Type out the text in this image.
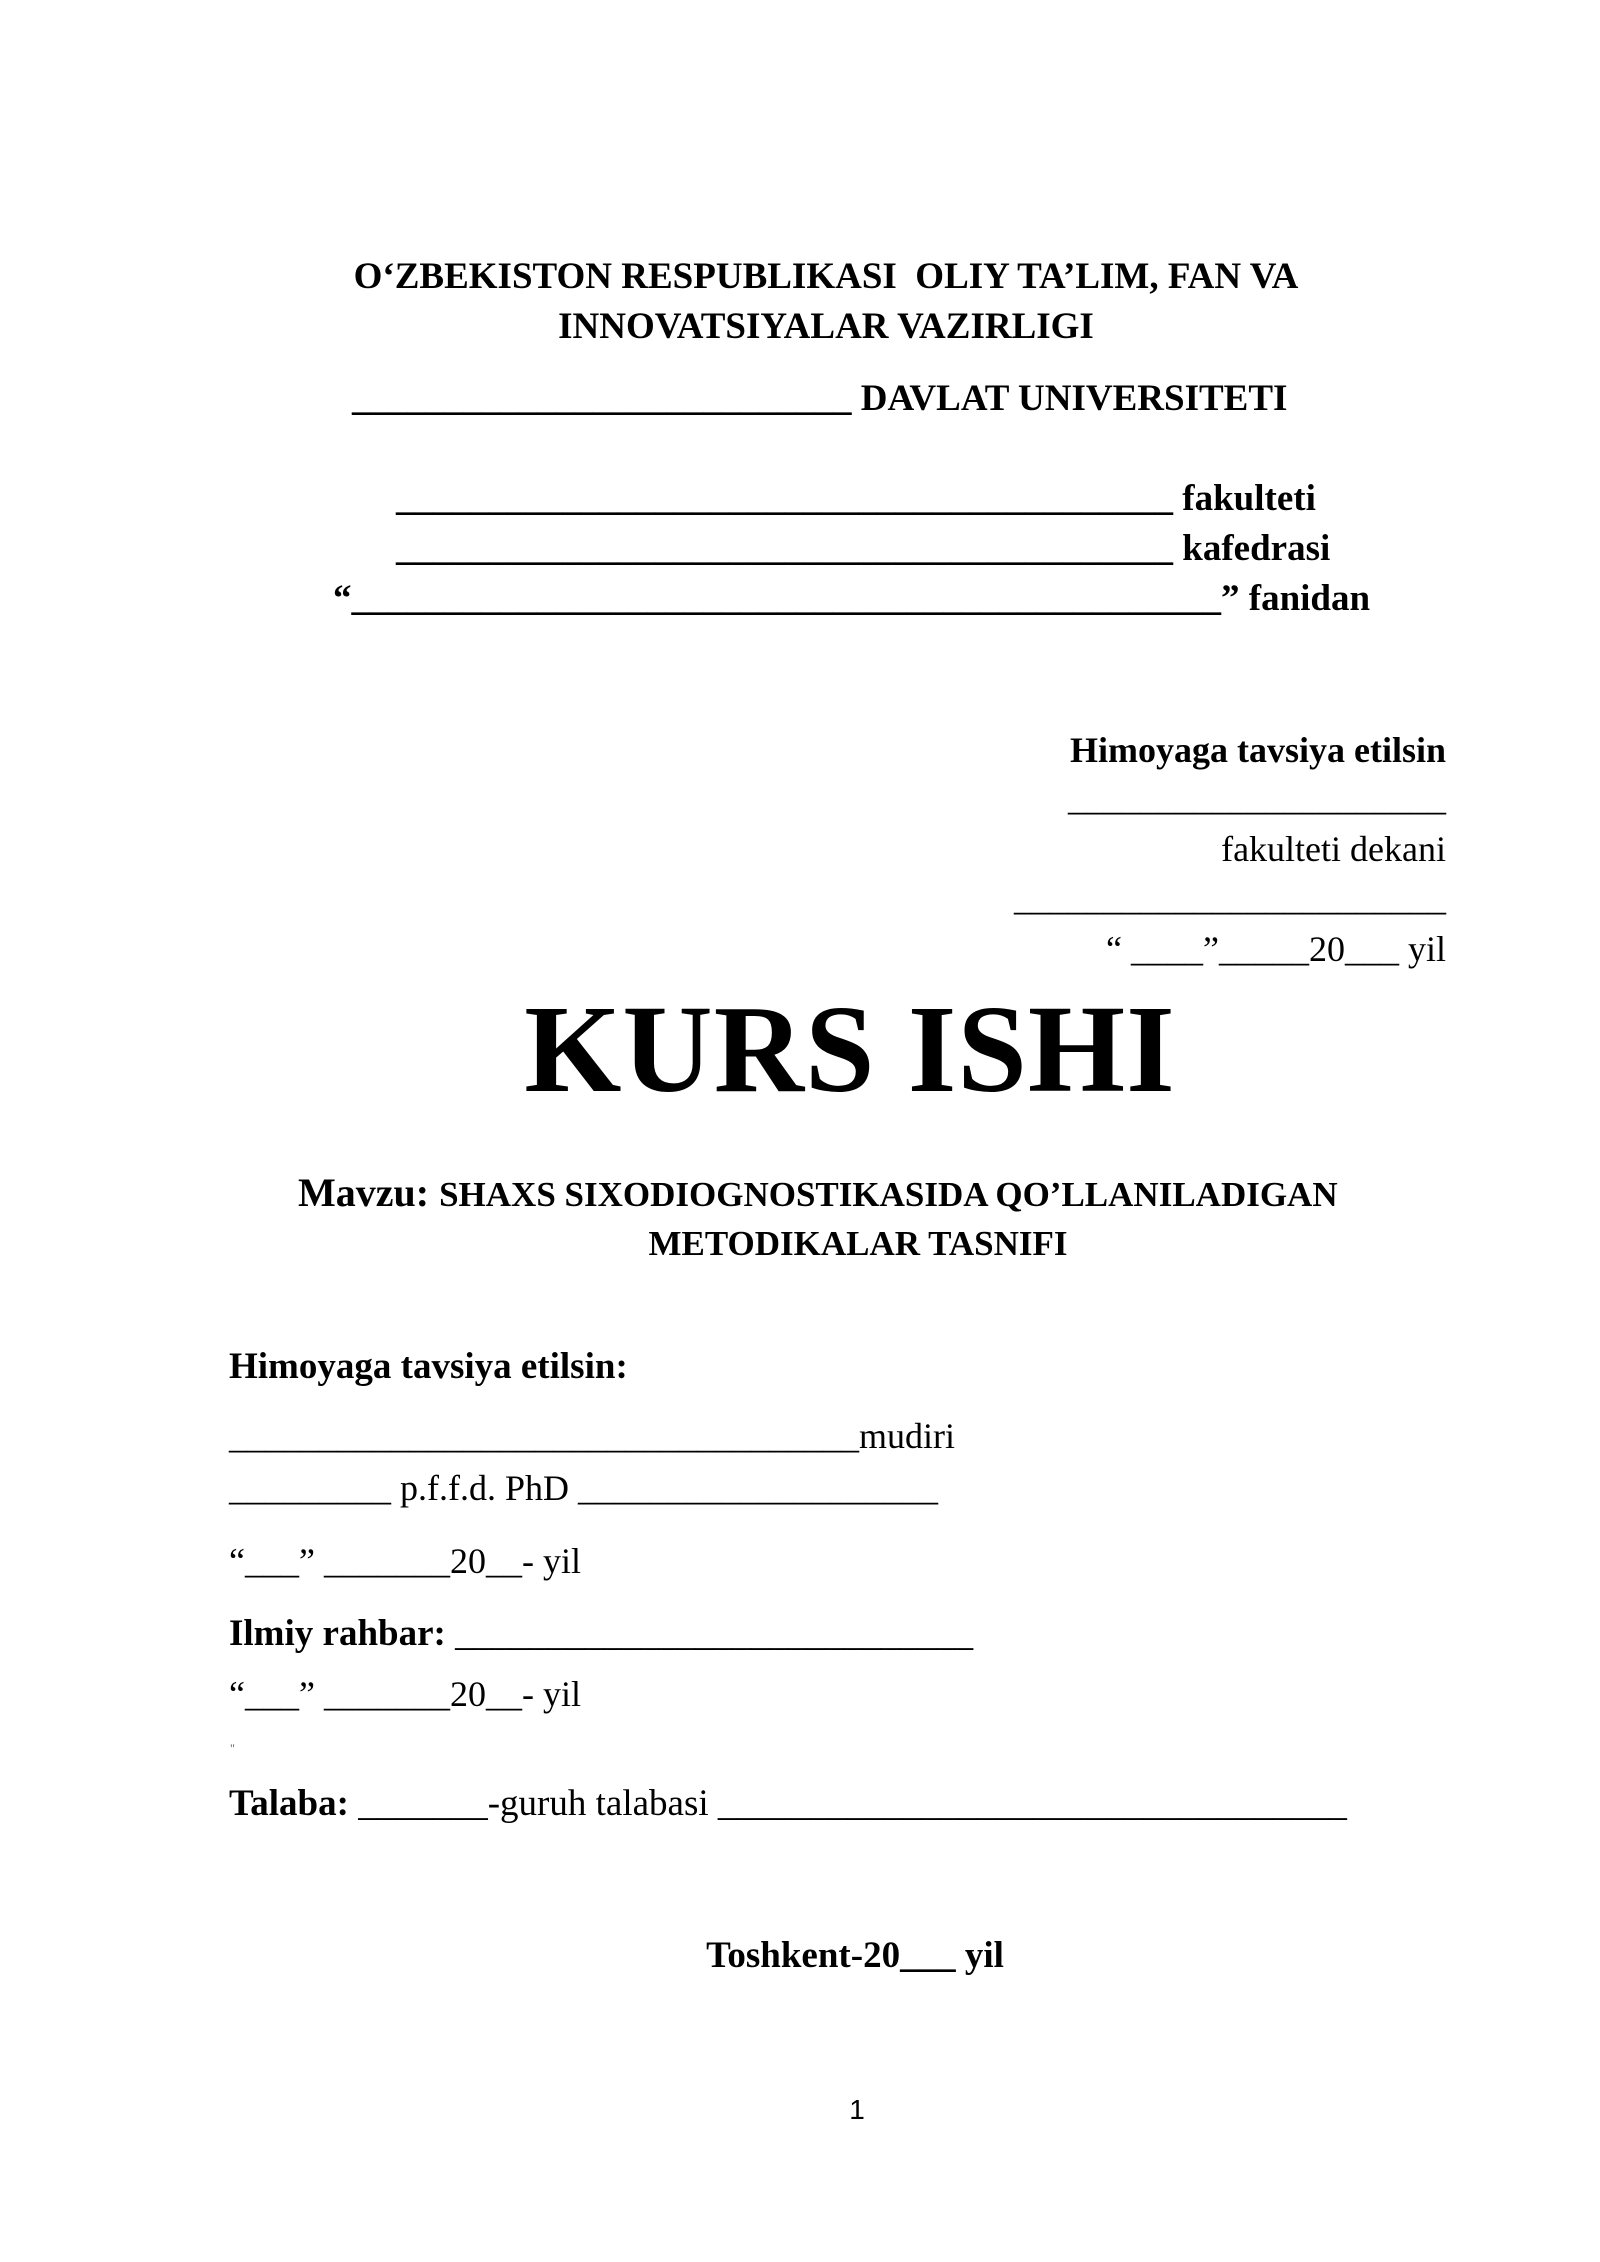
O‘ZBEKISTON RESPUBLIKASI  OLIY TA’LIM, FAN VA
INNOVATSIYALAR VAZIRLIGI
___________________________ DAVLAT UNIVERSITETI
__________________________________________ fakulteti
__________________________________________ kafedrasi
“_______________________________________________” fanidan
Himoyaga tavsiya etilsin
_____________________
fakulteti dekani
________________________
“ ____”_____20___ yil
KURS ISHI
Mavzu: SHAXS SIXODIOGNOSTIKASIDA QO’LLANILADIGAN
METODIKALAR TASNIFI
Himoyaga tavsiya etilsin:
___________________________________mudiri
_________ p.f.f.d. PhD ____________________
“___” _______20__- yil
Ilmiy rahbar: ____________________________
“___” _______20__- yil
"
Talaba: _______-guruh talabasi __________________________________
Toshkent-20___ yil
1
